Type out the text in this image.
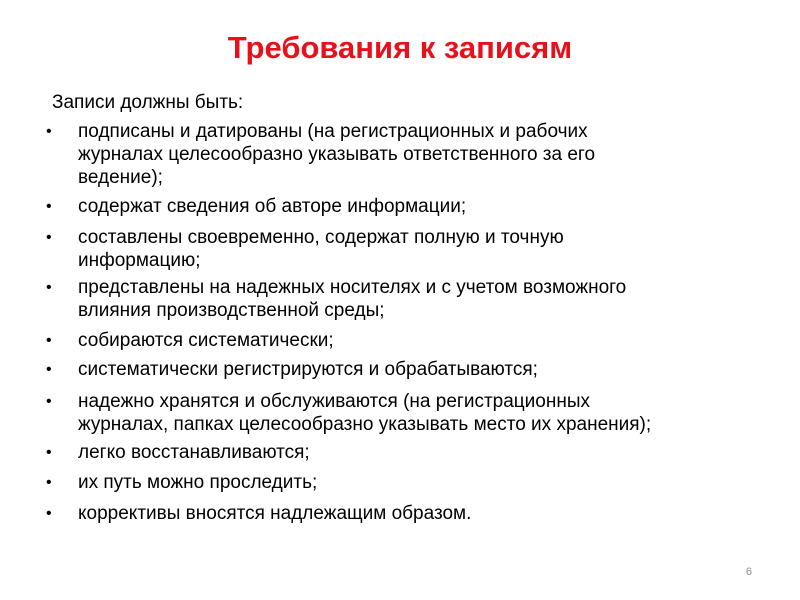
Требования к записям
Записи должны быть:
•	подписаны и датированы (на регистрационных и рабочих
журналах целесообразно указывать ответственного за его
ведение);
•	содержат сведения об авторе информации;
•	составлены своевременно, содержат полную и точную
информацию;
•	представлены на надежных носителях и с учетом возможного
влияния производственной среды;
•	собираются систематически;
•	систематически регистрируются и обрабатываются;
•	надежно хранятся и обслуживаются (на регистрационных
журналах, папках целесообразно указывать место их хранения);
•	легко восстанавливаются;
•	их путь можно проследить;
•	коррективы вносятся надлежащим образом.
6
